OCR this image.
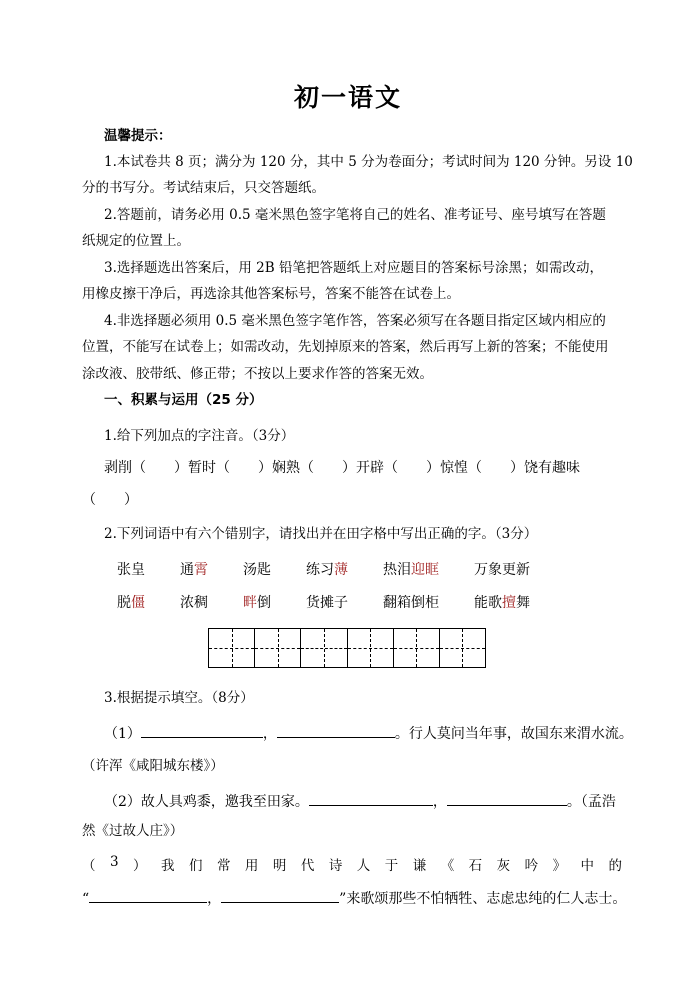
初一语文
温馨提示：
1.本试卷共 8 页；满分为 120 分，其中 5 分为卷面分；考试时间为 120 分钟。另设 10
分的书写分。考试结束后，只交答题纸。
2.答题前，请务必用 0.5 毫米黑色签字笔将自己的姓名、准考证号、座号填写在答题
纸规定的位置上。
3.选择题选出答案后，用 2B 铅笔把答题纸上对应题目的答案标号涂黑；如需改动，
用橡皮擦干净后，再选涂其他答案标号，答案不能答在试卷上。
4.非选择题必须用 0.5 毫米黑色签字笔作答，答案必须写在各题目指定区域内相应的
位置，不能写在试卷上；如需改动，先划掉原来的答案，然后再写上新的答案；不能使用
涂改液、胶带纸、修正带；不按以上要求作答的答案无效。
一、积累与运用（25 分）
1.给下列加点的字注音。（3分）
剥削（　　）暂时（　　）娴熟（　　）开辟（　　）惊惶（　　）饶有趣味
（　　）
2.下列词语中有六个错别字，请找出并在田字格中写出正确的字。（3分）
张皇	通霄	汤匙	练习薄	热泪迎眶	万象更新
脱僵	浓稠	畔倒	货摊子	翻箱倒柜	能歌擅舞
3.根据提示填空。（8分）
（1）	，	。行人莫问当年事，故国东来渭水流。
（许浑《咸阳城东楼》）
（2）故人具鸡黍，邀我至田家。	，	。（孟浩
然《过故人庄》）
（ 3 ） 我 们 常 用 明 代 诗 人 于 谦 《 石 灰 吟 》 中 的
“	，	”来歌颂那些不怕牺牲、志虑忠纯的仁人志士。
